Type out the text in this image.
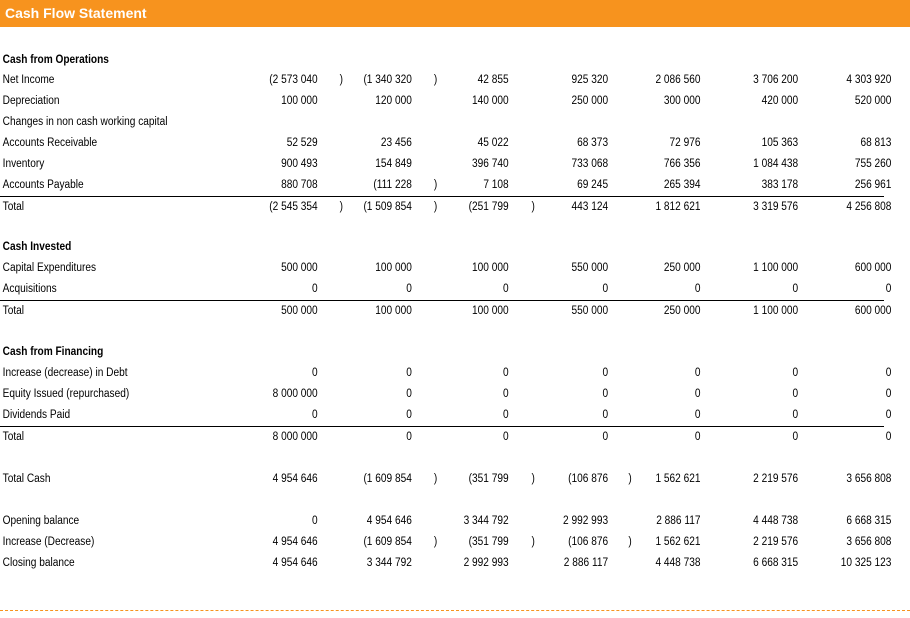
Cash Flow Statement
Cash from Operations
Net Income	(2 573 040 )	(1 340 320 )	42 855	925 320	2 086 560	3 706 200	4 303 920
Depreciation	100 000	120 000	140 000	250 000	300 000	420 000	520 000
Changes in non cash working capital
Accounts Receivable	52 529	23 456	45 022	68 373	72 976	105 363	68 813
Inventory	900 493	154 849	396 740	733 068	766 356	1 084 438	755 260
Accounts Payable	880 708	(111 228 )	7 108	69 245	265 394	383 178	256 961
Total	(2 545 354 )	(1 509 854 )	(251 799 )	443 124	1 812 621	3 319 576	4 256 808
Cash Invested
Capital Expenditures	500 000	100 000	100 000	550 000	250 000	1 100 000	600 000
Acquisitions	0	0	0	0	0	0	0
Total	500 000	100 000	100 000	550 000	250 000	1 100 000	600 000
Cash from Financing
Increase (decrease) in Debt	0	0	0	0	0	0	0
Equity Issued (repurchased)	8 000 000	0	0	0	0	0	0
Dividends Paid	0	0	0	0	0	0	0
Total	8 000 000	0	0	0	0	0	0
Total Cash	4 954 646	(1 609 854 )	(351 799 )	(106 876 )	1 562 621	2 219 576	3 656 808
Opening balance	0	4 954 646	3 344 792	2 992 993	2 886 117	4 448 738	6 668 315
Increase (Decrease)	4 954 646	(1 609 854 )	(351 799 )	(106 876 )	1 562 621	2 219 576	3 656 808
Closing balance	4 954 646	3 344 792	2 992 993	2 886 117	4 448 738	6 668 315	10 325 123
